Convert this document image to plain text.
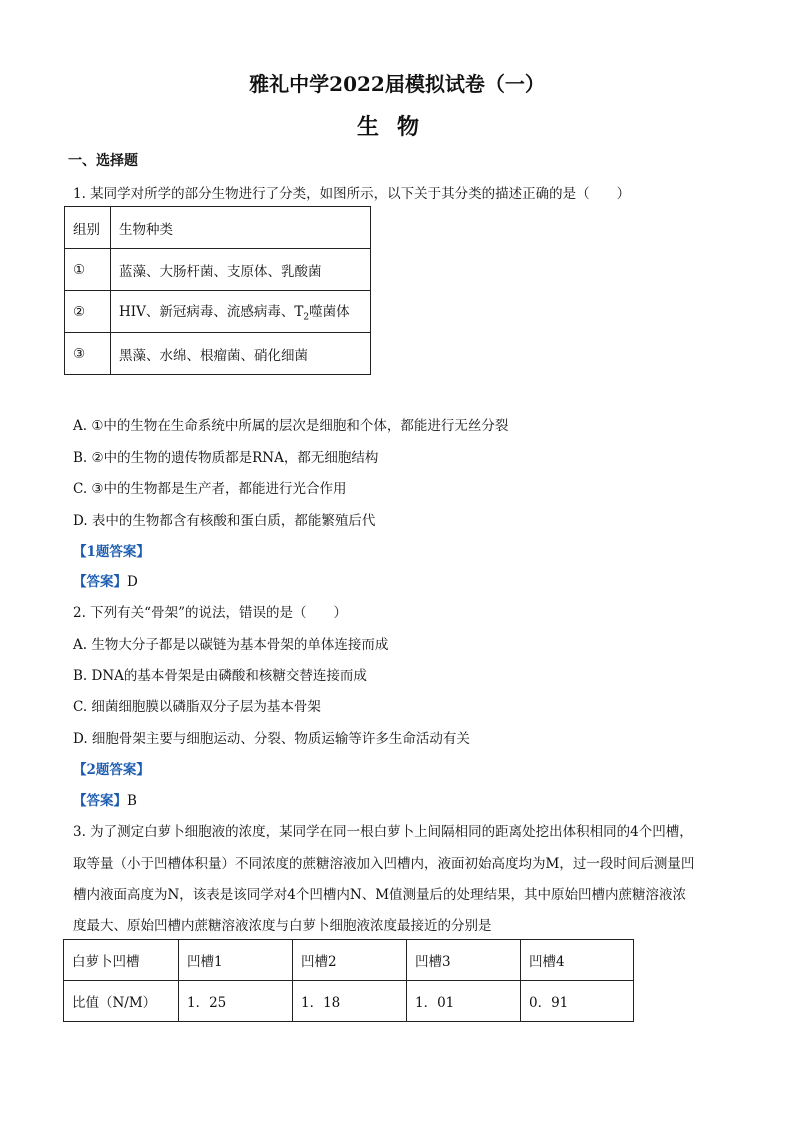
雅礼中学2022届模拟试卷（一）
生物
一、选择题
1. 某同学对所学的部分生物进行了分类，如图所示，以下关于其分类的描述正确的是（　　）
组别	生物种类
①	蓝藻、大肠杆菌、支原体、乳酸菌
②	HIV、新冠病毒、流感病毒、$T_2$噬菌体
③	黑藻、水绵、根瘤菌、硝化细菌
A. ①中的生物在生命系统中所属的层次是细胞和个体，都能进行无丝分裂
B. ②中的生物的遗传物质都是RNA，都无细胞结构
C. ③中的生物都是生产者，都能进行光合作用
D. 表中的生物都含有核酸和蛋白质，都能繁殖后代
【1题答案】
【答案】D
2. 下列有关“骨架”的说法，错误的是（　　）
A. 生物大分子都是以碳链为基本骨架的单体连接而成
B. DNA的基本骨架是由磷酸和核糖交替连接而成
C. 细菌细胞膜以磷脂双分子层为基本骨架
D. 细胞骨架主要与细胞运动、分裂、物质运输等许多生命活动有关
【2题答案】
【答案】B
3. 为了测定白萝卜细胞液的浓度，某同学在同一根白萝卜上间隔相同的距离处挖出体积相同的4个凹槽，
取等量（小于凹槽体积量）不同浓度的蔗糖溶液加入凹槽内，液面初始高度均为M，过一段时间后测量凹
槽内液面高度为N，该表是该同学对4个凹槽内N、M值测量后的处理结果，其中原始凹槽内蔗糖溶液浓
度最大、原始凹槽内蔗糖溶液浓度与白萝卜细胞液浓度最接近的分别是
白萝卜凹槽	凹槽1	凹槽2	凹槽3	凹槽4
比值（N/M）	1．25	1．18	1．01	0．91
